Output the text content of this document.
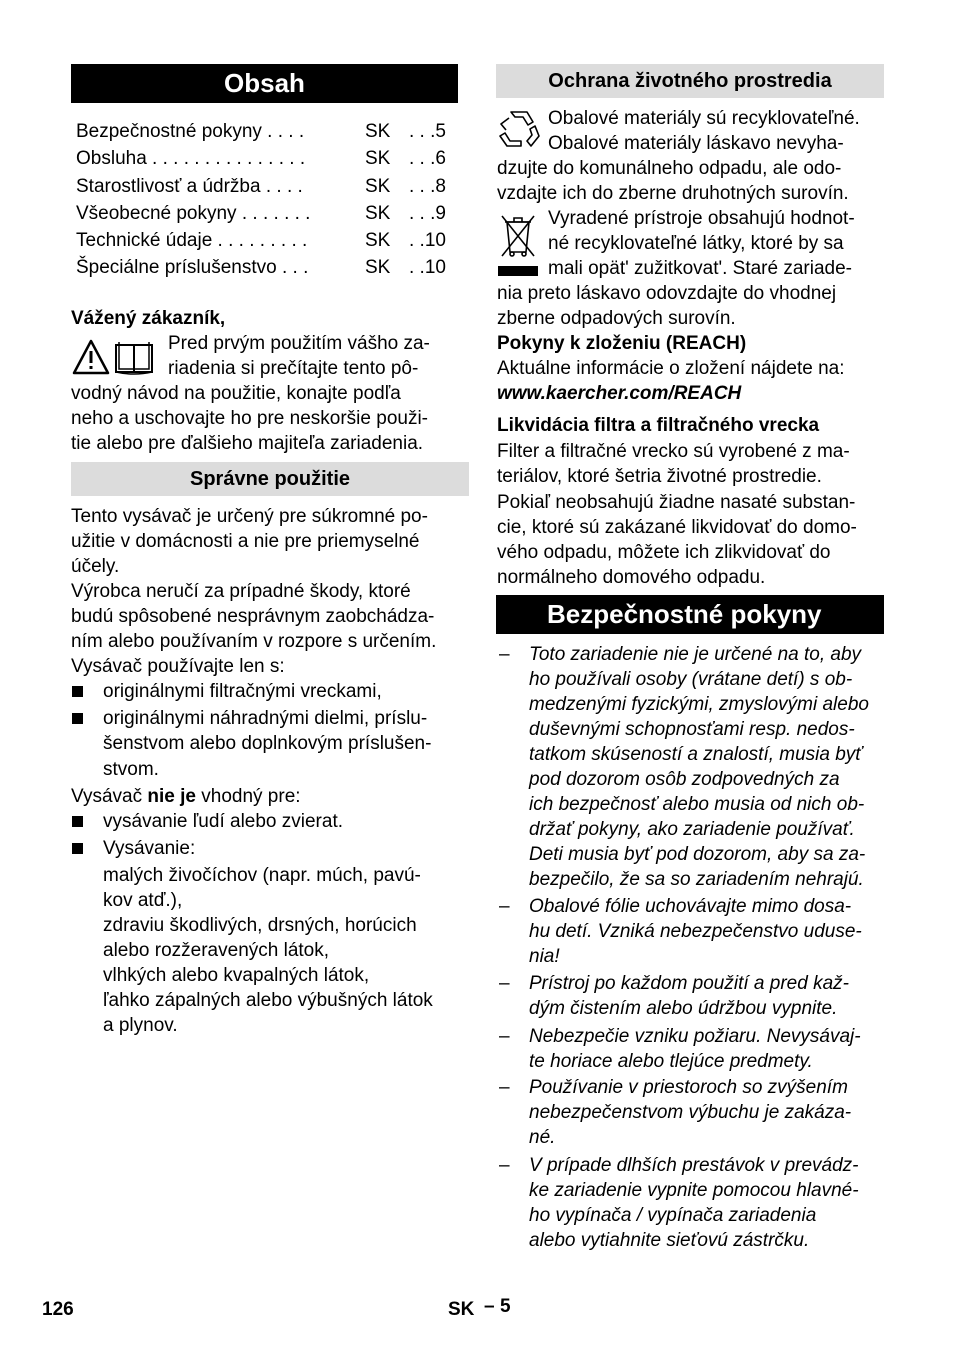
Obsah
Bezpečnostné pokyny . . . .	SK . . .5
Obsluha . . . . . . . . . . . . . . .	SK . . .6
Starostlivosť a údržba . . . .	SK . . .8
Všeobecné pokyny . . . . . . .	SK . . .9
Technické údaje . . . . . . . . .	SK . .10
Špeciálne príslušenstvo . . .	SK . .10
Vážený zákazník,
Pred prvým použitím vášho za-
riadenia si prečítajte tento pô-
vodný návod na použitie, konajte podľa
neho a uschovajte ho pre neskoršie použi-
tie alebo pre ďalšieho majiteľa zariadenia.
Správne použitie
Tento vysávač je určený pre súkromné po-
užitie v domácnosti a nie pre priemyselné
účely.
Výrobca neručí za prípadné škody, ktoré
budú spôsobené nesprávnym zaobchádza-
ním alebo používaním v rozpore s určením.
Vysávač používajte len s:
originálnymi filtračnými vreckami,
originálnymi náhradnými dielmi, príslu-
šenstvom alebo doplnkovým príslušen-
stvom.
Vysávač nie je vhodný pre:
vysávanie ľudí alebo zvierat.
Vysávanie:
malých živočíchov (napr. múch, pavú-
kov atď.),
zdraviu škodlivých, drsných, horúcich
alebo rozžeravených látok,
vlhkých alebo kvapalných látok,
ľahko zápalných alebo výbušných látok
a plynov.
Ochrana životného prostredia
Obalové materiály sú recyklovateľné.
Obalové materiály láskavo nevyha-
dzujte do komunálneho odpadu, ale odo-
vzdajte ich do zberne druhotných surovín.
Vyradené prístroje obsahujú hodnot-
né recyklovateľné látky, ktoré by sa
mali opät' zužitkovat'. Staré zariade-
nia preto láskavo odovzdajte do vhodnej
zberne odpadových surovín.
Pokyny k zloženiu (REACH)
Aktuálne informácie o zložení nájdete na:
www.kaercher.com/REACH
Likvidácia filtra a filtračného vrecka
Filter a filtračné vrecko sú vyrobené z ma-
teriálov, ktoré šetria životné prostredie.
Pokiaľ neobsahujú žiadne nasaté substan-
cie, ktoré sú zakázané likvidovať do domo-
vého odpadu, môžete ich zlikvidovať do
normálneho domového odpadu.
Bezpečnostné pokyny
– Toto zariadenie nie je určené na to, aby
ho používali osoby (vrátane detí) s ob-
medzenými fyzickými, zmyslovými alebo
duševnými schopnosťami resp. nedos-
tatkom skúseností a znalostí, musia byť
pod dozorom osôb zodpovedných za
ich bezpečnosť alebo musia od nich ob-
držať pokyny, ako zariadenie používať.
Deti musia byť pod dozorom, aby sa za-
bezpečilo, že sa so zariadením nehrajú.
– Obalové fólie uchovávajte mimo dosa-
hu detí. Vzniká nebezpečenstvo uduse-
nia!
– Prístroj po každom použití a pred kaž-
dým čistením alebo údržbou vypnite.
– Nebezpečie vzniku požiaru. Nevysávaj-
te horiace alebo tlejúce predmety.
– Používanie v priestoroch so zvýšením
nebezpečenstvom výbuchu je zakáza-
né.
– V prípade dlhších prestávok v prevádz-
ke zariadenie vypnite pomocou hlavné-
ho vypínača / vypínača zariadenia
alebo vytiahnite sieťovú zástrčku.
126	SK – 5
